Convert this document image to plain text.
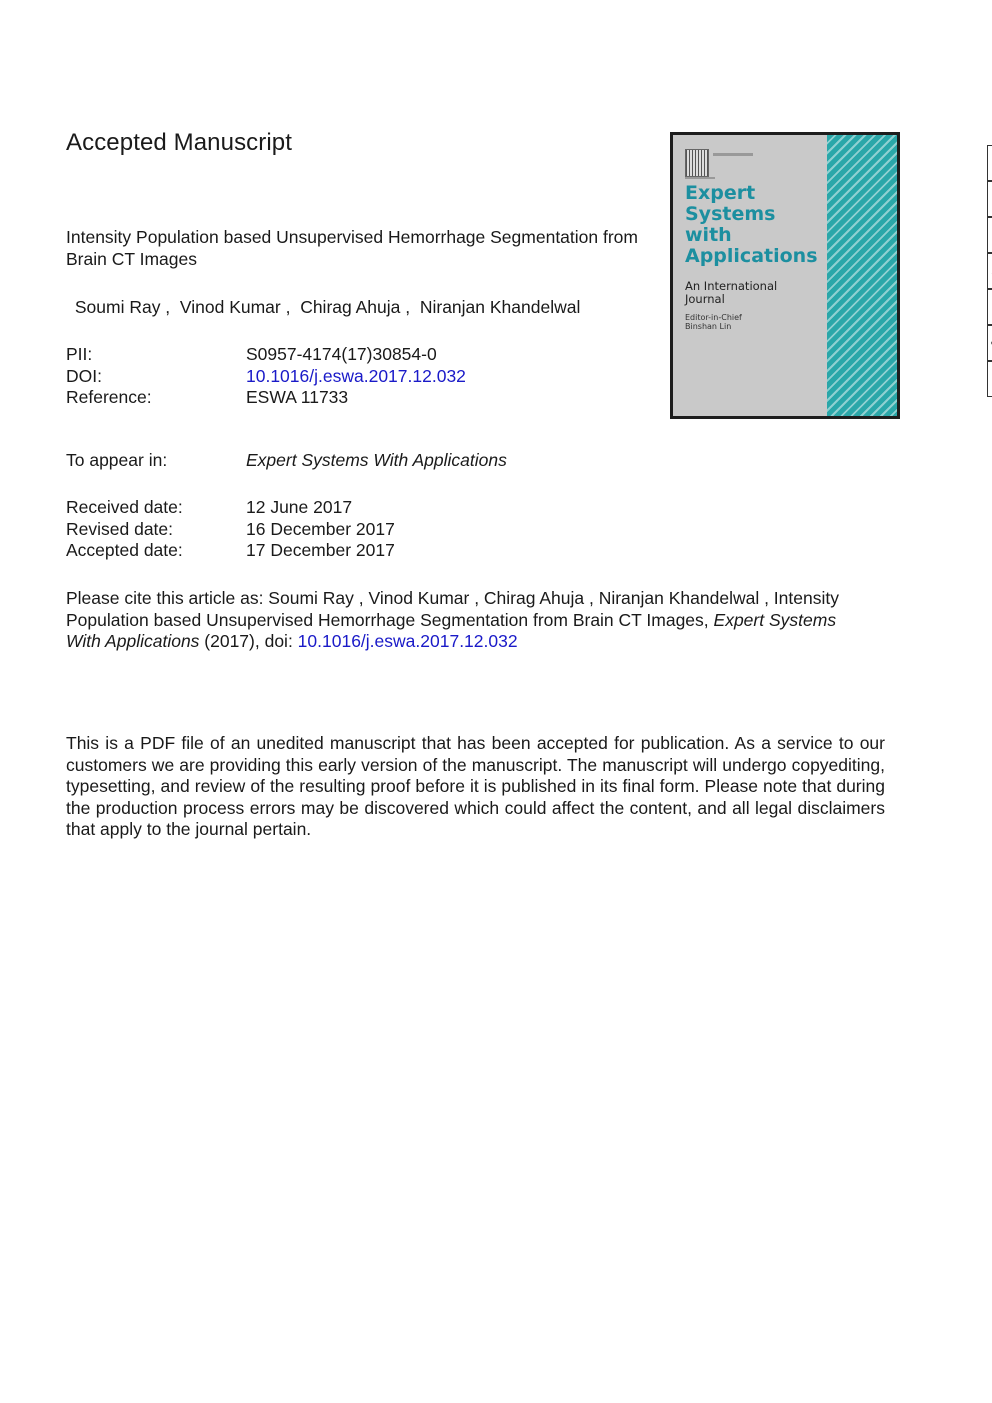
Accepted Manuscript
Intensity Population based Unsupervised Hemorrhage Segmentation from Brain CT Images
Soumi Ray ,  Vinod Kumar ,  Chirag Ahuja ,  Niranjan Khandelwal
PII:	S0957-4174(17)30854-0
DOI:	10.1016/j.eswa.2017.12.032
Reference:	ESWA 11733
To appear in:	Expert Systems With Applications
Received date:	12 June 2017
Revised date:	16 December 2017
Accepted date:	17 December 2017
Please cite this article as: Soumi Ray , Vinod Kumar , Chirag Ahuja , Niranjan Khandelwal , Intensity
Population based Unsupervised Hemorrhage Segmentation from Brain CT Images, Expert Systems
With Applications (2017), doi: 10.1016/j.eswa.2017.12.032
This is a PDF file of an unedited manuscript that has been accepted for publication. As a service to our customers we are providing this early version of the manuscript. The manuscript will undergo copyediting, typesetting, and review of the resulting proof before it is published in its final form. Please note that during the production process errors may be discovered which could affect the content, and all legal disclaimers that apply to the journal pertain.
Expert
Systems
with
Applications
An International
Journal
Editor-in-Chief
Binshan Lin
